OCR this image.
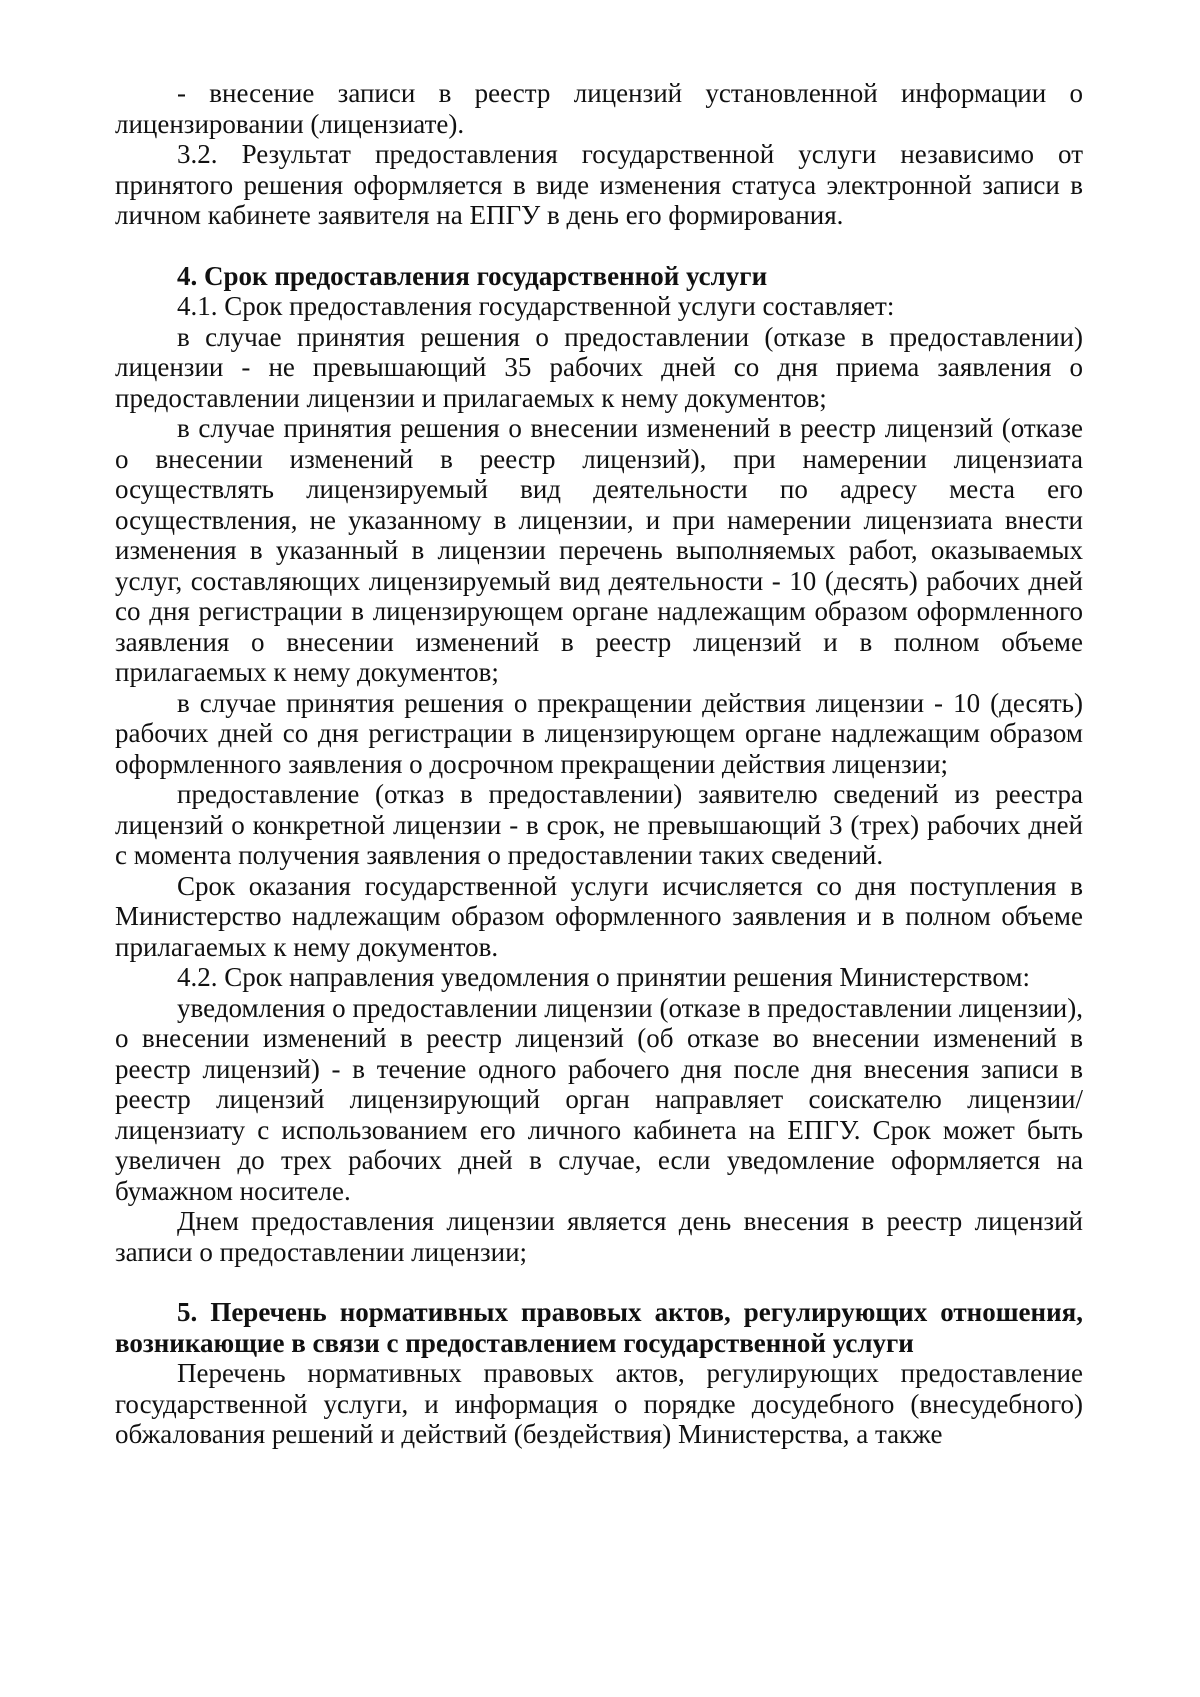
- внесение записи в реестр лицензий установленной информации о лицензировании (лицензиате).

3.2. Результат предоставления государственной услуги независимо от принятого решения оформляется в виде изменения статуса электронной записи в личном кабинете заявителя на ЕПГУ в день его формирования.

4. Срок предоставления государственной услуги

4.1. Срок предоставления государственной услуги составляет:

в случае принятия решения о предоставлении (отказе в предоставлении) лицензии - не превышающий 35 рабочих дней со дня приема заявления о предоставлении лицензии и прилагаемых к нему документов;

в случае принятия решения о внесении изменений в реестр лицензий (отказе о внесении изменений в реестр лицензий), при намерении лицензиата осуществлять лицензируемый вид деятельности по адресу места его осуществления, не указанному в лицензии, и при намерении лицензиата внести изменения в указанный в лицензии перечень выполняемых работ, оказываемых услуг, составляющих лицензируемый вид деятельности - 10 (десять) рабочих дней со дня регистрации в лицензирующем органе надлежащим образом оформленного заявления о внесении изменений в реестр лицензий и в полном объеме прилагаемых к нему документов;

в случае принятия решения о прекращении действия лицензии - 10 (десять) рабочих дней со дня регистрации в лицензирующем органе надлежащим образом оформленного заявления о досрочном прекращении действия лицензии;

предоставление (отказ в предоставлении) заявителю сведений из реестра лицензий о конкретной лицензии - в срок, не превышающий 3 (трех) рабочих дней с момента получения заявления о предоставлении таких сведений.

Срок оказания государственной услуги исчисляется со дня поступления в Министерство надлежащим образом оформленного заявления и в полном объеме прилагаемых к нему документов.

4.2. Срок направления уведомления о принятии решения Министерством:

уведомления о предоставлении лицензии (отказе в предоставлении лицензии), о внесении изменений в реестр лицензий (об отказе во внесении изменений в реестр лицензий) - в течение одного рабочего дня после дня внесения записи в реестр лицензий лицензирующий орган направляет соискателю лицензии/лицензиату с использованием его личного кабинета на ЕПГУ. Срок может быть увеличен до трех рабочих дней в случае, если уведомление оформляется на бумажном носителе.

Днем предоставления лицензии является день внесения в реестр лицензий записи о предоставлении лицензии;

5. Перечень нормативных правовых актов, регулирующих отношения, возникающие в связи с предоставлением государственной услуги

Перечень нормативных правовых актов, регулирующих предоставление государственной услуги, и информация о порядке досудебного (внесудебного) обжалования решений и действий (бездействия) Министерства, а также
